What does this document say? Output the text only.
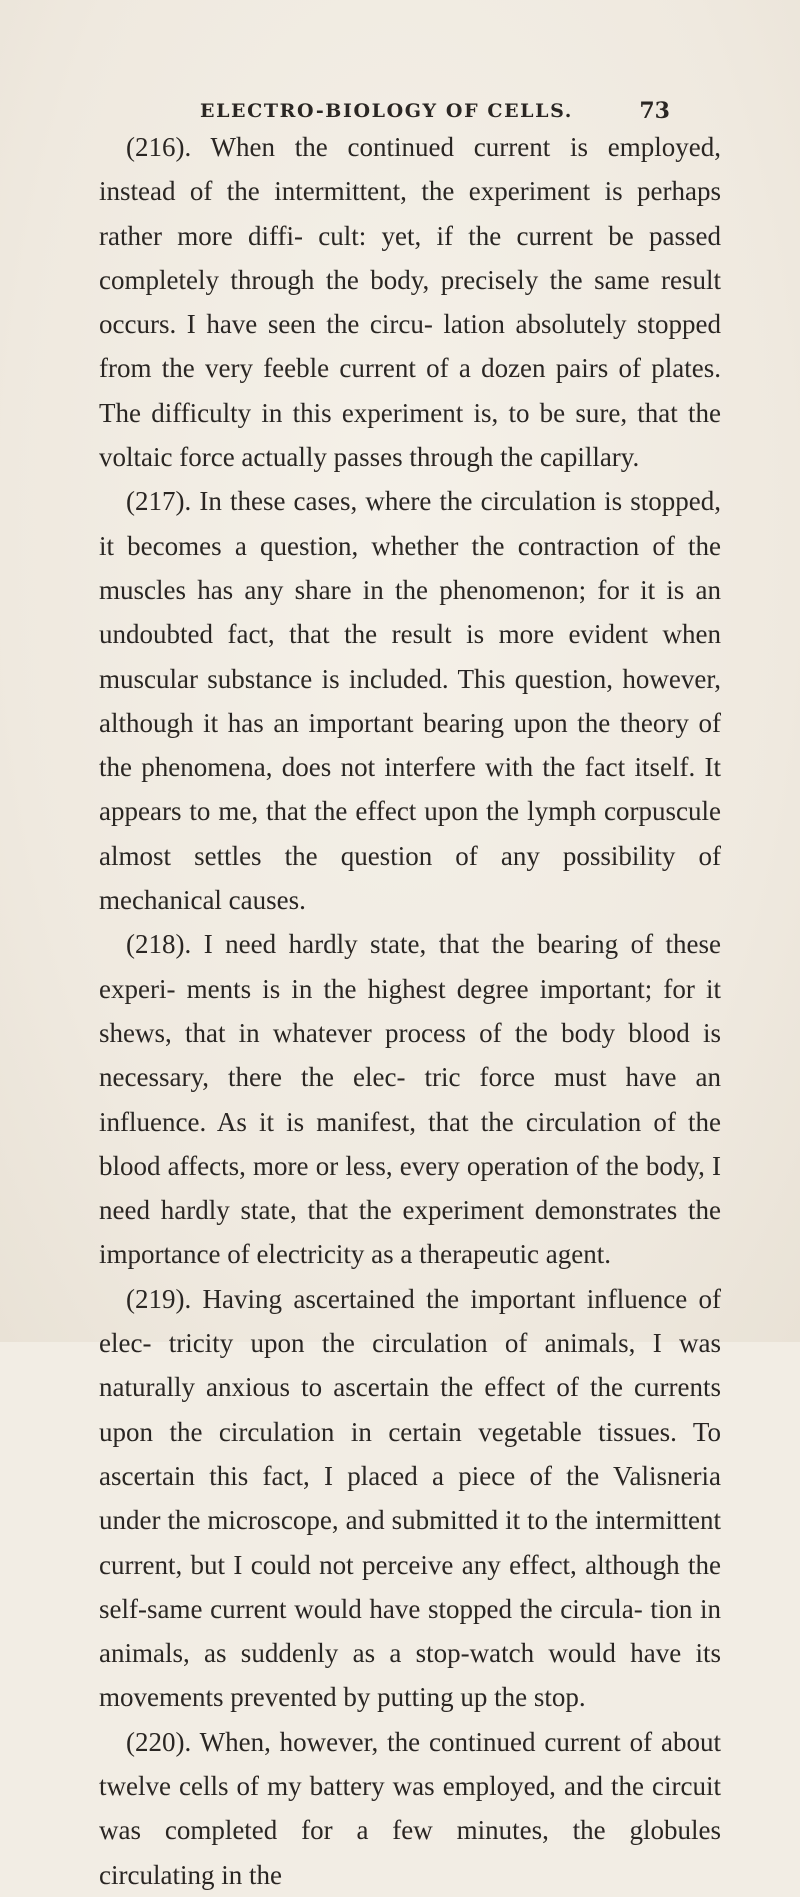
ELECTRO-BIOLOGY OF CELLS.	73

(216). When the continued current is employed, instead of the intermittent, the experiment is perhaps rather more diffi- cult: yet, if the current be passed completely through the body, precisely the same result occurs. I have seen the circu- lation absolutely stopped from the very feeble current of a dozen pairs of plates. The difficulty in this experiment is, to be sure, that the voltaic force actually passes through the capillary.

(217). In these cases, where the circulation is stopped, it becomes a question, whether the contraction of the muscles has any share in the phenomenon; for it is an undoubted fact, that the result is more evident when muscular substance is included. This question, however, although it has an important bearing upon the theory of the phenomena, does not interfere with the fact itself. It appears to me, that the effect upon the lymph corpuscule almost settles the question of any possibility of mechanical causes.

(218). I need hardly state, that the bearing of these experi- ments is in the highest degree important; for it shews, that in whatever process of the body blood is necessary, there the elec- tric force must have an influence. As it is manifest, that the circulation of the blood affects, more or less, every operation of the body, I need hardly state, that the experiment demonstrates the importance of electricity as a therapeutic agent.

(219). Having ascertained the important influence of elec- tricity upon the circulation of animals, I was naturally anxious to ascertain the effect of the currents upon the circulation in certain vegetable tissues. To ascertain this fact, I placed a piece of the Valisneria under the microscope, and submitted it to the intermittent current, but I could not perceive any effect, although the self-same current would have stopped the circula- tion in animals, as suddenly as a stop-watch would have its movements prevented by putting up the stop.

(220). When, however, the continued current of about twelve cells of my battery was employed, and the circuit was completed for a few minutes, the globules circulating in the
